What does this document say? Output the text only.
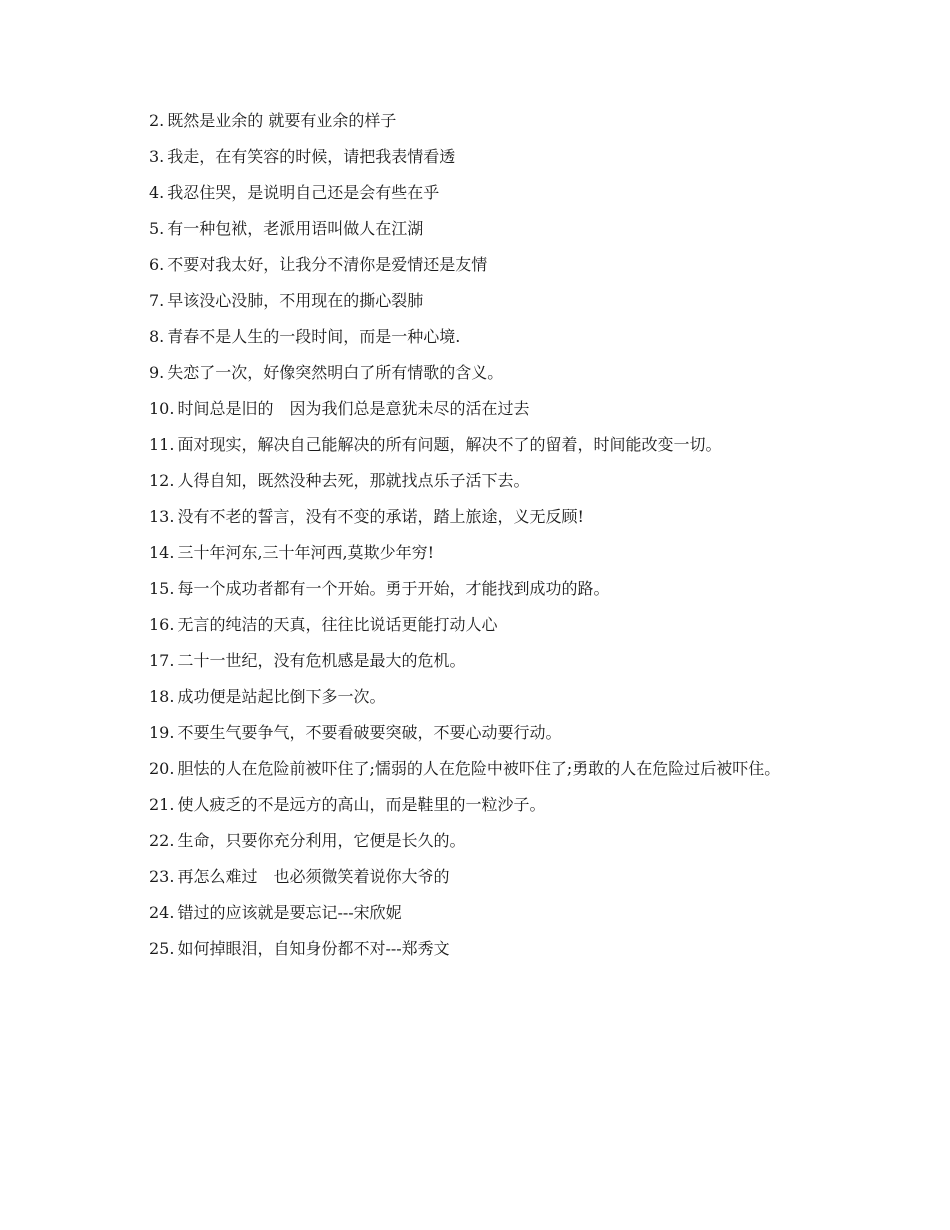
2. 既然是业余的 就要有业余的样子

3. 我走，在有笑容的时候，请把我表情看透

4. 我忍住哭，是说明自己还是会有些在乎

5. 有一种包袱，老派用语叫做人在江湖

6. 不要对我太好，让我分不清你是爱情还是友情

7. 早该没心没肺，不用现在的撕心裂肺

8. 青春不是人生的一段时间，而是一种心境.

9. 失恋了一次，好像突然明白了所有情歌的含义。

10. 时间总是旧的　因为我们总是意犹未尽的活在过去

11. 面对现实，解决自己能解决的所有问题，解决不了的留着，时间能改变一切。

12. 人得自知，既然没种去死，那就找点乐子活下去。

13. 没有不老的誓言，没有不变的承诺，踏上旅途，义无反顾!

14. 三十年河东,三十年河西,莫欺少年穷!

15. 每一个成功者都有一个开始。勇于开始，才能找到成功的路。

16. 无言的纯洁的天真，往往比说话更能打动人心

17. 二十一世纪，没有危机感是最大的危机。

18. 成功便是站起比倒下多一次。

19. 不要生气要争气，不要看破要突破，不要心动要行动。

20. 胆怯的人在危险前被吓住了;懦弱的人在危险中被吓住了;勇敢的人在危险过后被吓住。

21. 使人疲乏的不是远方的高山，而是鞋里的一粒沙子。

22. 生命，只要你充分利用，它便是长久的。

23. 再怎么难过　也必须微笑着说你大爷的

24. 错过的应该就是要忘记---宋欣妮

25. 如何掉眼泪，自知身份都不对---郑秀文
